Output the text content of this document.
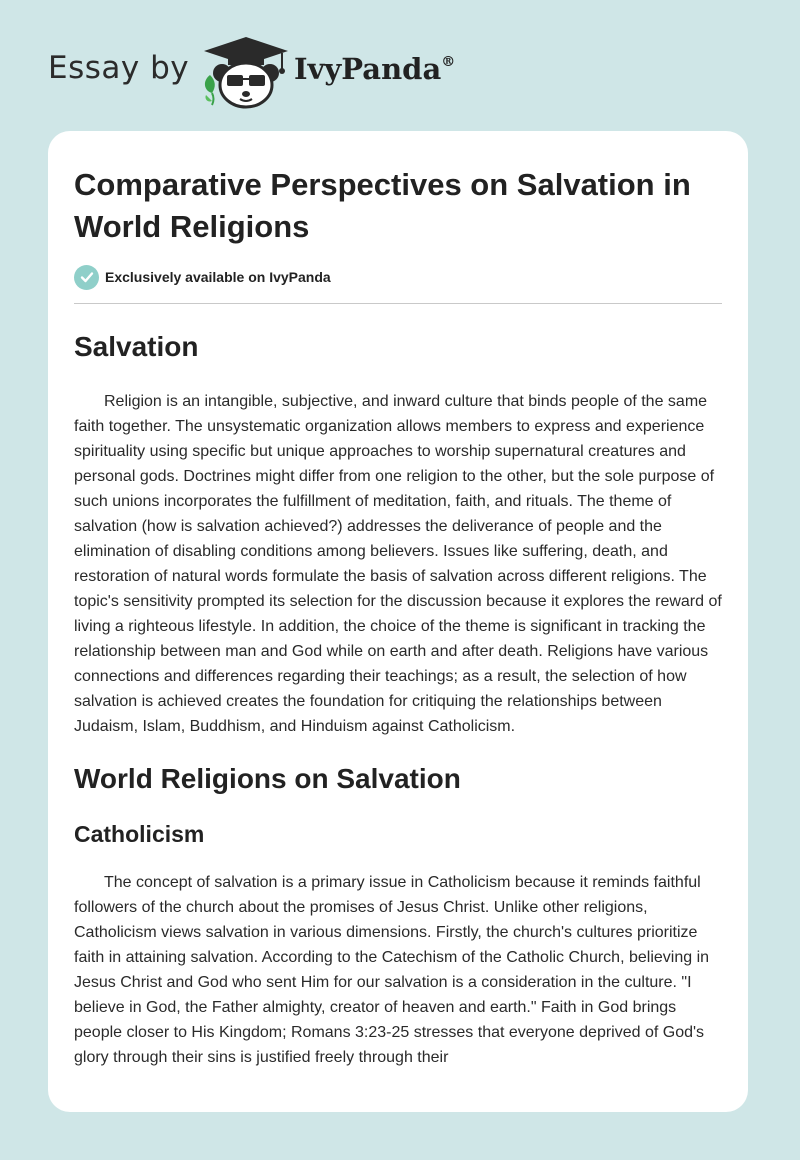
Essay by	IvyPanda®
Comparative Perspectives on Salvation in World Religions
Exclusively available on IvyPanda
Salvation

Religion is an intangible, subjective, and inward culture that binds people of the same faith together. The unsystematic organization allows members to express and experience spirituality using specific but unique approaches to worship supernatural creatures and personal gods. Doctrines might differ from one religion to the other, but the sole purpose of such unions incorporates the fulfillment of meditation, faith, and rituals. The theme of salvation (how is salvation achieved?) addresses the deliverance of people and the elimination of disabling conditions among believers. Issues like suffering, death, and restoration of natural words formulate the basis of salvation across different religions. The topic's sensitivity prompted its selection for the discussion because it explores the reward of living a righteous lifestyle. In addition, the choice of the theme is significant in tracking the relationship between man and God while on earth and after death. Religions have various connections and differences regarding their teachings; as a result, the selection of how salvation is achieved creates the foundation for critiquing the relationships between Judaism, Islam, Buddhism, and Hinduism against Catholicism.

World Religions on Salvation
Catholicism

The concept of salvation is a primary issue in Catholicism because it reminds faithful followers of the church about the promises of Jesus Christ. Unlike other religions, Catholicism views salvation in various dimensions. Firstly, the church's cultures prioritize faith in attaining salvation. According to the Catechism of the Catholic Church, believing in Jesus Christ and God who sent Him for our salvation is a consideration in the culture. "I believe in God, the Father almighty, creator of heaven and earth." Faith in God brings people closer to His Kingdom; Romans 3:23-25 stresses that everyone deprived of God's glory through their sins is justified freely through their
